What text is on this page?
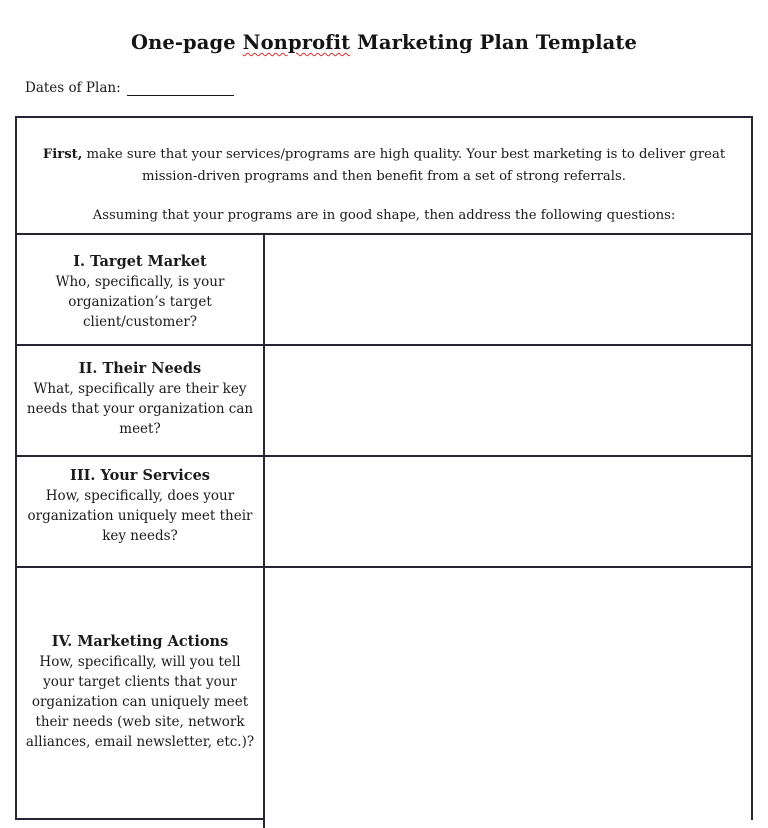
One-page Nonprofit Marketing Plan Template
Dates of Plan:
First, make sure that your services/programs are high quality. Your best marketing is to deliver great mission-driven programs and then benefit from a set of strong referrals.
Assuming that your programs are in good shape, then address the following questions:
I. Target Market
Who, specifically, is your organization’s target client/customer?
II. Their Needs
What, specifically are their key needs that your organization can meet?
III. Your Services
How, specifically, does your organization uniquely meet their key needs?
IV. Marketing Actions
How, specifically, will you tell your target clients that your organization can uniquely meet their needs (web site, network alliances, email newsletter, etc.)?
